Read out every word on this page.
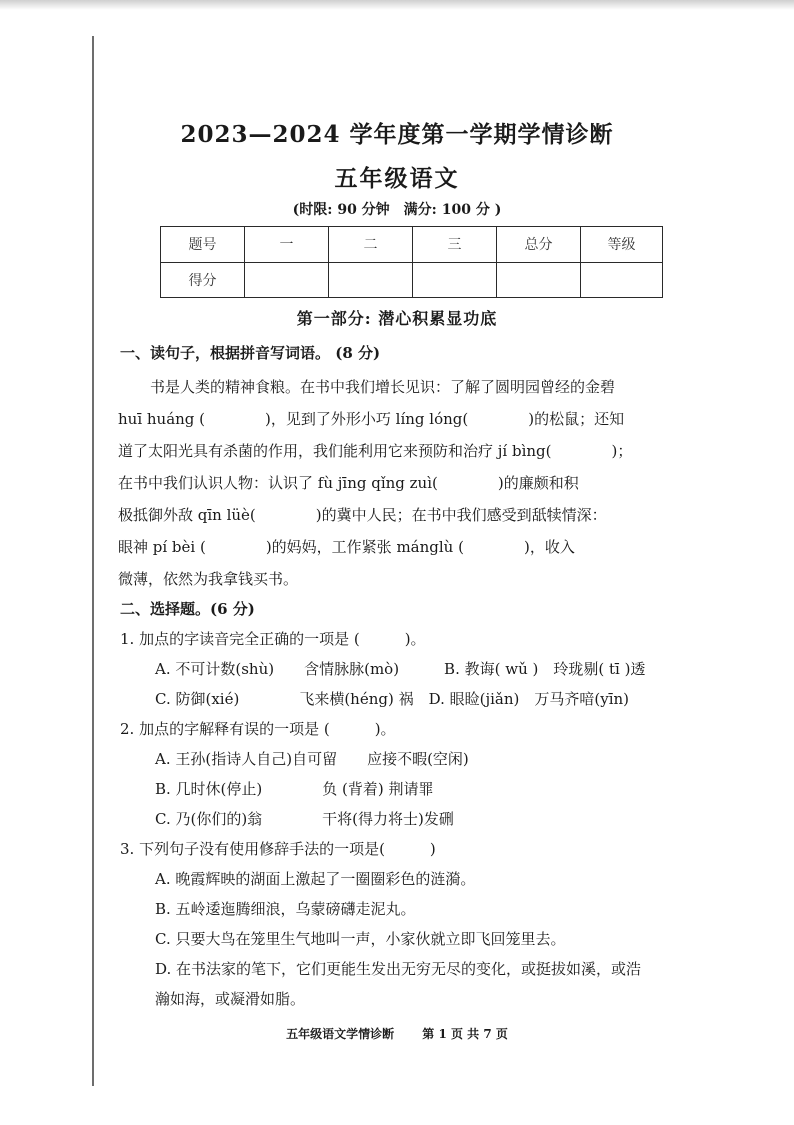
2023—2024 学年度第一学期学情诊断
五年级语文
(时限: 90 分钟　满分: 100 分 )
题号	一	二	三	总分	等级
得分					
第一部分: 潜心积累显功底
一、读句子，根据拼音写词语。 (8 分)
书是人类的精神食粮。在书中我们增长见识：了解了圆明园曾经的金碧
huī huáng (　　　　)，见到了外形小巧 líng lóng(　　　　)的松鼠；还知
道了太阳光具有杀菌的作用，我们能利用它来预防和治疗 jí bìng(　　　　)；
在书中我们认识人物：认识了 fù jīng qǐng zuì(　　　　)的廉颇和积
极抵御外敌 qīn lüè(　　　　)的冀中人民；在书中我们感受到舐犊情深：
眼神 pí bèi (　　　　)的妈妈，工作紧张 mánglù (　　　　)，收入
微薄，依然为我拿钱买书。
二、选择题。(6 分)
1. 加点的字读音完全正确的一项是 (　　　)。
A. 不可计数(shù)　　含情脉脉(mò)　　　B. 教诲( wǔ )　玲珑剔( tī )透
C. 防御(xié)　　　　飞来横(héng) 祸　D. 眼睑(jiǎn)　万马齐喑(yīn)
2. 加点的字解释有误的一项是 (　　　)。
A. 王孙(指诗人自己)自可留　　应接不暇(空闲)
B. 几时休(停止)　　　　负 (背着) 荆请罪
C. 乃(你们的)翁　　　　干将(得力将士)发硎
3. 下列句子没有使用修辞手法的一项是(　　　)
A. 晚霞辉映的湖面上激起了一圈圈彩色的涟漪。
B. 五岭逶迤腾细浪，乌蒙磅礴走泥丸。
C. 只要大鸟在笼里生气地叫一声，小家伙就立即飞回笼里去。
D. 在书法家的笔下，它们更能生发出无穷无尽的变化，或挺拔如溪，或浩
瀚如海，或凝滑如脂。
五年级语文学情诊断 第 1 页 共 7 页
